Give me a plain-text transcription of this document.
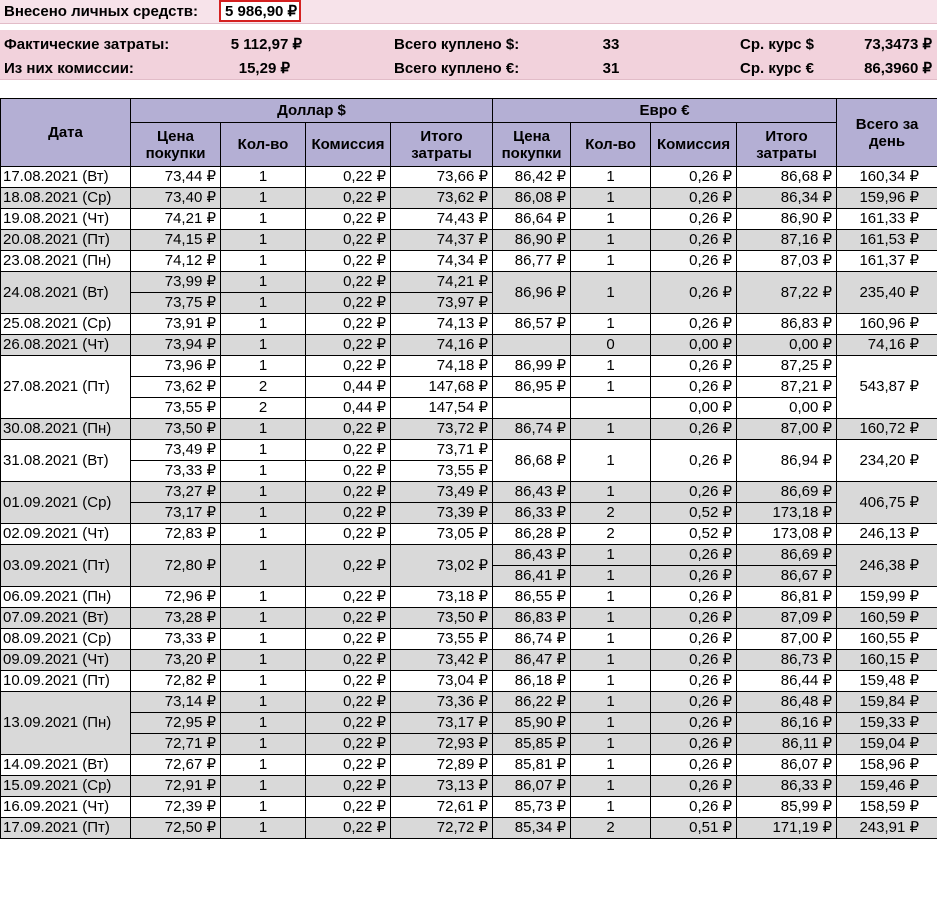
Внесено личных средств:	5 986,90 ₽
Фактические затраты:	5 112,97 ₽	Всего куплено $:	33	Ср. курс $	73,3473 ₽
Из них комиссии:	15,29 ₽	Всего куплено €:	31	Ср. курс €	86,3960 ₽
Дата	Доллар $				Евро €				Всего за день
	Цена покупки	Кол-во	Комиссия	Итого затраты	Цена покупки	Кол-во	Комиссия	Итого затраты	
17.08.2021 (Вт)	73,44 ₽	1	0,22 ₽	73,66 ₽	86,42 ₽	1	0,26 ₽	86,68 ₽	160,34 ₽
18.08.2021 (Ср)	73,40 ₽	1	0,22 ₽	73,62 ₽	86,08 ₽	1	0,26 ₽	86,34 ₽	159,96 ₽
19.08.2021 (Чт)	74,21 ₽	1	0,22 ₽	74,43 ₽	86,64 ₽	1	0,26 ₽	86,90 ₽	161,33 ₽
20.08.2021 (Пт)	74,15 ₽	1	0,22 ₽	74,37 ₽	86,90 ₽	1	0,26 ₽	87,16 ₽	161,53 ₽
23.08.2021 (Пн)	74,12 ₽	1	0,22 ₽	74,34 ₽	86,77 ₽	1	0,26 ₽	87,03 ₽	161,37 ₽
24.08.2021 (Вт)	73,99 ₽	1	0,22 ₽	74,21 ₽	86,96 ₽	1	0,26 ₽	87,22 ₽	235,40 ₽
	73,75 ₽	1	0,22 ₽	73,97 ₽					
25.08.2021 (Ср)	73,91 ₽	1	0,22 ₽	74,13 ₽	86,57 ₽	1	0,26 ₽	86,83 ₽	160,96 ₽
26.08.2021 (Чт)	73,94 ₽	1	0,22 ₽	74,16 ₽		0	0,00 ₽	0,00 ₽	74,16 ₽
27.08.2021 (Пт)	73,96 ₽	1	0,22 ₽	74,18 ₽	86,99 ₽	1	0,26 ₽	87,25 ₽	543,87 ₽
	73,62 ₽	2	0,44 ₽	147,68 ₽	86,95 ₽	1	0,26 ₽	87,21 ₽	
	73,55 ₽	2	0,44 ₽	147,54 ₽			0,00 ₽	0,00 ₽	
30.08.2021 (Пн)	73,50 ₽	1	0,22 ₽	73,72 ₽	86,74 ₽	1	0,26 ₽	87,00 ₽	160,72 ₽
31.08.2021 (Вт)	73,49 ₽	1	0,22 ₽	73,71 ₽	86,68 ₽	1	0,26 ₽	86,94 ₽	234,20 ₽
	73,33 ₽	1	0,22 ₽	73,55 ₽					
01.09.2021 (Ср)	73,27 ₽	1	0,22 ₽	73,49 ₽	86,43 ₽	1	0,26 ₽	86,69 ₽	406,75 ₽
	73,17 ₽	1	0,22 ₽	73,39 ₽	86,33 ₽	2	0,52 ₽	173,18 ₽	
02.09.2021 (Чт)	72,83 ₽	1	0,22 ₽	73,05 ₽	86,28 ₽	2	0,52 ₽	173,08 ₽	246,13 ₽
03.09.2021 (Пт)	72,80 ₽	1	0,22 ₽	73,02 ₽	86,43 ₽	1	0,26 ₽	86,69 ₽	246,38 ₽
					86,41 ₽	1	0,26 ₽	86,67 ₽	
06.09.2021 (Пн)	72,96 ₽	1	0,22 ₽	73,18 ₽	86,55 ₽	1	0,26 ₽	86,81 ₽	159,99 ₽
07.09.2021 (Вт)	73,28 ₽	1	0,22 ₽	73,50 ₽	86,83 ₽	1	0,26 ₽	87,09 ₽	160,59 ₽
08.09.2021 (Ср)	73,33 ₽	1	0,22 ₽	73,55 ₽	86,74 ₽	1	0,26 ₽	87,00 ₽	160,55 ₽
09.09.2021 (Чт)	73,20 ₽	1	0,22 ₽	73,42 ₽	86,47 ₽	1	0,26 ₽	86,73 ₽	160,15 ₽
10.09.2021 (Пт)	72,82 ₽	1	0,22 ₽	73,04 ₽	86,18 ₽	1	0,26 ₽	86,44 ₽	159,48 ₽
13.09.2021 (Пн)	73,14 ₽	1	0,22 ₽	73,36 ₽	86,22 ₽	1	0,26 ₽	86,48 ₽	159,84 ₽
	72,95 ₽	1	0,22 ₽	73,17 ₽	85,90 ₽	1	0,26 ₽	86,16 ₽	159,33 ₽
	72,71 ₽	1	0,22 ₽	72,93 ₽	85,85 ₽	1	0,26 ₽	86,11 ₽	159,04 ₽
14.09.2021 (Вт)	72,67 ₽	1	0,22 ₽	72,89 ₽	85,81 ₽	1	0,26 ₽	86,07 ₽	158,96 ₽
15.09.2021 (Ср)	72,91 ₽	1	0,22 ₽	73,13 ₽	86,07 ₽	1	0,26 ₽	86,33 ₽	159,46 ₽
16.09.2021 (Чт)	72,39 ₽	1	0,22 ₽	72,61 ₽	85,73 ₽	1	0,26 ₽	85,99 ₽	158,59 ₽
17.09.2021 (Пт)	72,50 ₽	1	0,22 ₽	72,72 ₽	85,34 ₽	2	0,51 ₽	171,19 ₽	243,91 ₽
